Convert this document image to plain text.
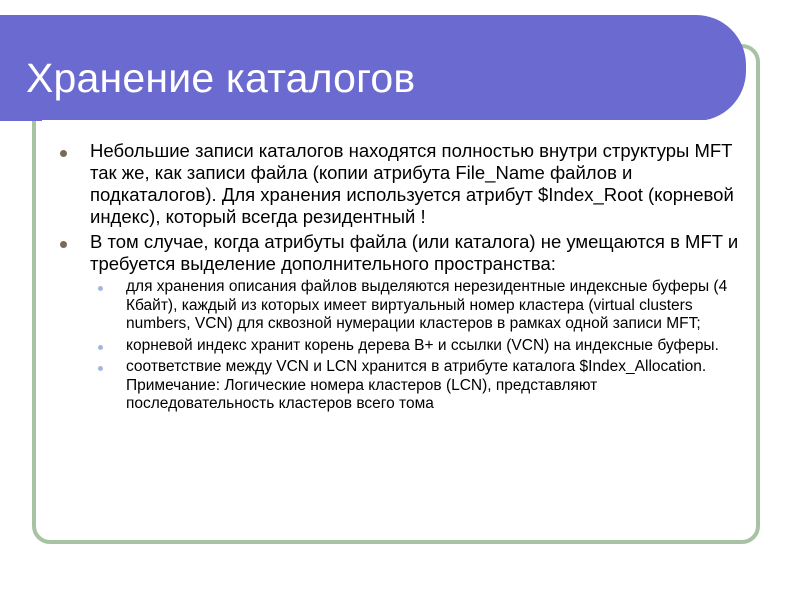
Хранение каталогов
Небольшие записи каталогов находятся полностью внутри структуры MFT так же, как записи файла (копии атрибута File_Name файлов и подкаталогов). Для хранения используется атрибут $Index_Root (корневой индекс), который всегда резидентный !
В том случае, когда атрибуты файла (или каталога) не умещаются в MFT и требуется выделение дополнительного пространства:
для хранения описания файлов выделяются нерезидентные индексные буферы (4 Кбайт), каждый из которых имеет виртуальный номер кластера (virtual clusters numbers, VCN) для сквозной нумерации кластеров в рамках одной записи MFT;
корневой индекс хранит корень дерева B+ и ссылки (VCN) на индексные буферы.
соответствие между VCN и LCN хранится в атрибуте каталога $Index_Allocation. Примечание: Логические номера кластеров (LCN), представляют последовательность кластеров всего тома
